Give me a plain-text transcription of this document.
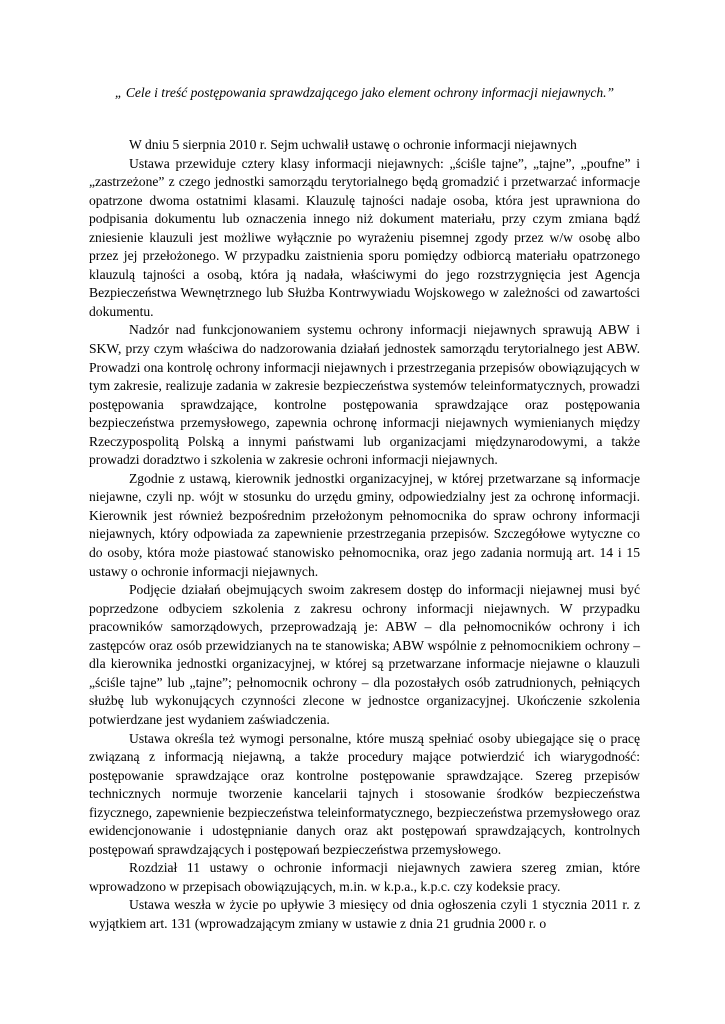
„ Cele i treść postępowania sprawdzającego jako element ochrony informacji niejawnych.”

W dniu 5 sierpnia 2010 r. Sejm uchwalił ustawę o ochronie informacji niejawnych

Ustawa przewiduje cztery klasy informacji niejawnych: „ściśle tajne”, „tajne”, „poufne” i „zastrzeżone” z czego jednostki samorządu terytorialnego będą gromadzić i przetwarzać informacje opatrzone dwoma ostatnimi klasami. Klauzulę tajności nadaje osoba, która jest uprawniona do podpisania dokumentu lub oznaczenia innego niż dokument materiału, przy czym zmiana bądź zniesienie klauzuli jest możliwe wyłącznie po wyrażeniu pisemnej zgody przez w/w osobę albo przez jej przełożonego. W przypadku zaistnienia sporu pomiędzy odbiorcą materiału opatrzonego klauzulą tajności a osobą, która ją nadała, właściwymi do jego rozstrzygnięcia jest Agencja Bezpieczeństwa Wewnętrznego lub Służba Kontrwywiadu Wojskowego w zależności od zawartości dokumentu.

Nadzór nad funkcjonowaniem systemu ochrony informacji niejawnych sprawują ABW i SKW, przy czym właściwa do nadzorowania działań jednostek samorządu terytorialnego jest ABW. Prowadzi ona kontrolę ochrony informacji niejawnych i przestrzegania przepisów obowiązujących w tym zakresie, realizuje zadania w zakresie bezpieczeństwa systemów teleinformatycznych, prowadzi postępowania sprawdzające, kontrolne postępowania sprawdzające oraz postępowania bezpieczeństwa przemysłowego, zapewnia ochronę informacji niejawnych wymienianych między Rzeczypospolitą Polską a innymi państwami lub organizacjami międzynarodowymi, a także prowadzi doradztwo i szkolenia w zakresie ochroni informacji niejawnych.

Zgodnie z ustawą, kierownik jednostki organizacyjnej, w której przetwarzane są informacje niejawne, czyli np. wójt w stosunku do urzędu gminy, odpowiedzialny jest za ochronę informacji. Kierownik jest również bezpośrednim przełożonym pełnomocnika do spraw ochrony informacji niejawnych, który odpowiada za zapewnienie przestrzegania przepisów. Szczegółowe wytyczne co do osoby, która może piastować stanowisko pełnomocnika, oraz jego zadania normują art. 14 i 15 ustawy o ochronie informacji niejawnych.

Podjęcie działań obejmujących swoim zakresem dostęp do informacji niejawnej musi być poprzedzone odbyciem szkolenia z zakresu ochrony informacji niejawnych. W przypadku pracowników samorządowych, przeprowadzają je: ABW – dla pełnomocników ochrony i ich zastępców oraz osób przewidzianych na te stanowiska; ABW wspólnie z pełnomocnikiem ochrony – dla kierownika jednostki organizacyjnej, w której są przetwarzane informacje niejawne o klauzuli „ściśle tajne” lub „tajne”; pełnomocnik ochrony – dla pozostałych osób zatrudnionych, pełniących służbę lub wykonujących czynności zlecone w jednostce organizacyjnej. Ukończenie szkolenia potwierdzane jest wydaniem zaświadczenia.

Ustawa określa też wymogi personalne, które muszą spełniać osoby ubiegające się o pracę związaną z informacją niejawną, a także procedury mające potwierdzić ich wiarygodność: postępowanie sprawdzające oraz kontrolne postępowanie sprawdzające. Szereg przepisów technicznych normuje tworzenie kancelarii tajnych i stosowanie środków bezpieczeństwa fizycznego, zapewnienie bezpieczeństwa teleinformatycznego, bezpieczeństwa przemysłowego oraz ewidencjonowanie i udostępnianie danych oraz akt postępowań sprawdzających, kontrolnych postępowań sprawdzających i postępowań bezpieczeństwa przemysłowego.

Rozdział 11 ustawy o ochronie informacji niejawnych zawiera szereg zmian, które wprowadzono w przepisach obowiązujących, m.in. w k.p.a., k.p.c. czy kodeksie pracy.

Ustawa weszła w życie po upływie 3 miesięcy od dnia ogłoszenia czyli 1 stycznia 2011 r. z wyjątkiem art. 131 (wprowadzającym zmiany w ustawie z dnia 21 grudnia 2000 r. o
